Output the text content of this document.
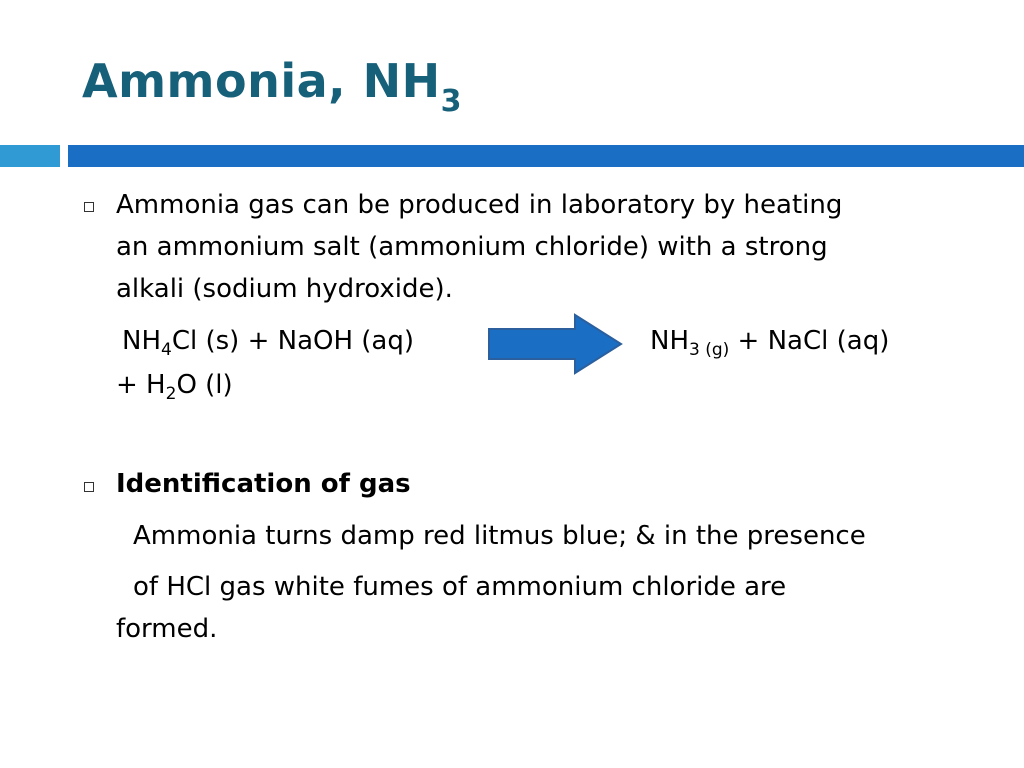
Ammonia, $NH_3$
Ammonia gas can be produced in laboratory by heating
an ammonium salt (ammonium chloride) with a strong
alkali (sodium hydroxide).
$NH_4Cl$ (s) + NaOH (aq)	$NH_{3 (g)}$ + NaCl (aq)
+ $H_2O$ (l)
Identification of gas
Ammonia turns damp red litmus blue; & in the presence
of HCl gas white fumes of ammonium chloride are
formed.
